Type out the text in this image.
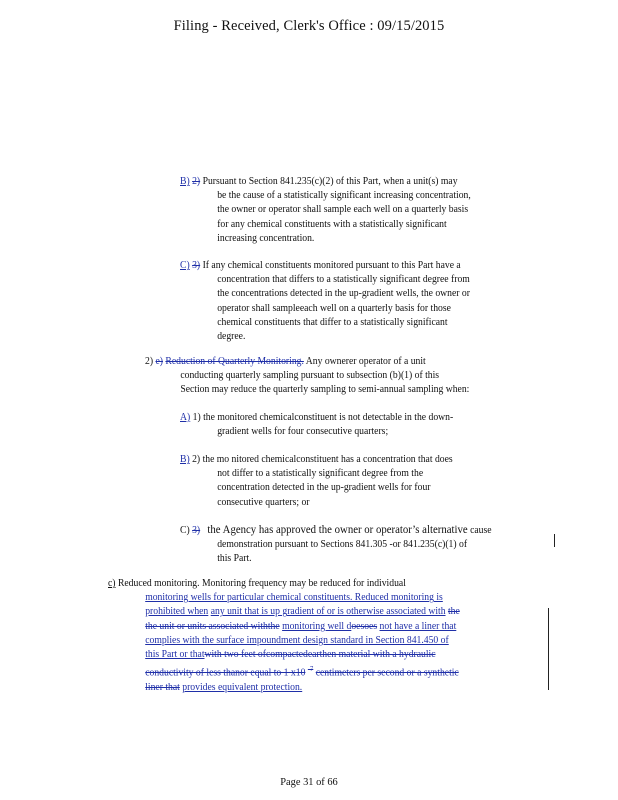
Filing - Received, Clerk's Office : 09/15/2015
B) 2) Pursuant to Section 841.235(c)(2) of this Part, when a unit(s) may
be the cause of a statistically significant increasing concentration,
the owner or operator shall sample each well on a quarterly basis
for any chemical constituents with a statistically significant
increasing concentration.
C) 3) If any chemical constituents monitored pursuant to this Part have a
concentration that differs to a statistically significant degree from
the concentrations detected in the up-gradient wells, the owner or
operator shall sampleeach well on a quarterly basis for those
chemical constituents that differ to a statistically significant
degree.
2) e) Reduction of Quarterly Monitoring. Any ownerer operator of a unit
conducting quarterly sampling pursuant to subsection (b)(1) of this
Section may reduce the quarterly sampling to semi-annual sampling when:
A) 1) the monitored chemicalconstituent is not detectable in the down-
gradient wells for four consecutive quarters;
B) 2) the mo nitored chemicalconstituent has a concentration that does
not differ to a statistically significant degree from the
concentration detected in the up-gradient wells for four
consecutive quarters; or
C) 3) the Agency has approved the owner or operator’s alternative cause
demonstration pursuant to Sections 841.305 -or 841.235(c)(1) of
this Part.
c) Reduced monitoring. Monitoring frequency may be reduced for individual
monitoring wells for particular chemical constituents. Reduced monitoring is
prohibited when any unit that is up gradient of or is otherwise associated with the
the unit or units associated withthe monitoring well doesoes not have a liner that
complies with the surface impoundment design standard in Section 841.450 of
this Part or thatwith two feet ofcompactedearthen material with a hydraulic
conductivity of less thanor equal to 1 x10 $^{-7}$ centimeters per second or a synthetic
liner that provides equivalent protection.
Page 31 of 66
